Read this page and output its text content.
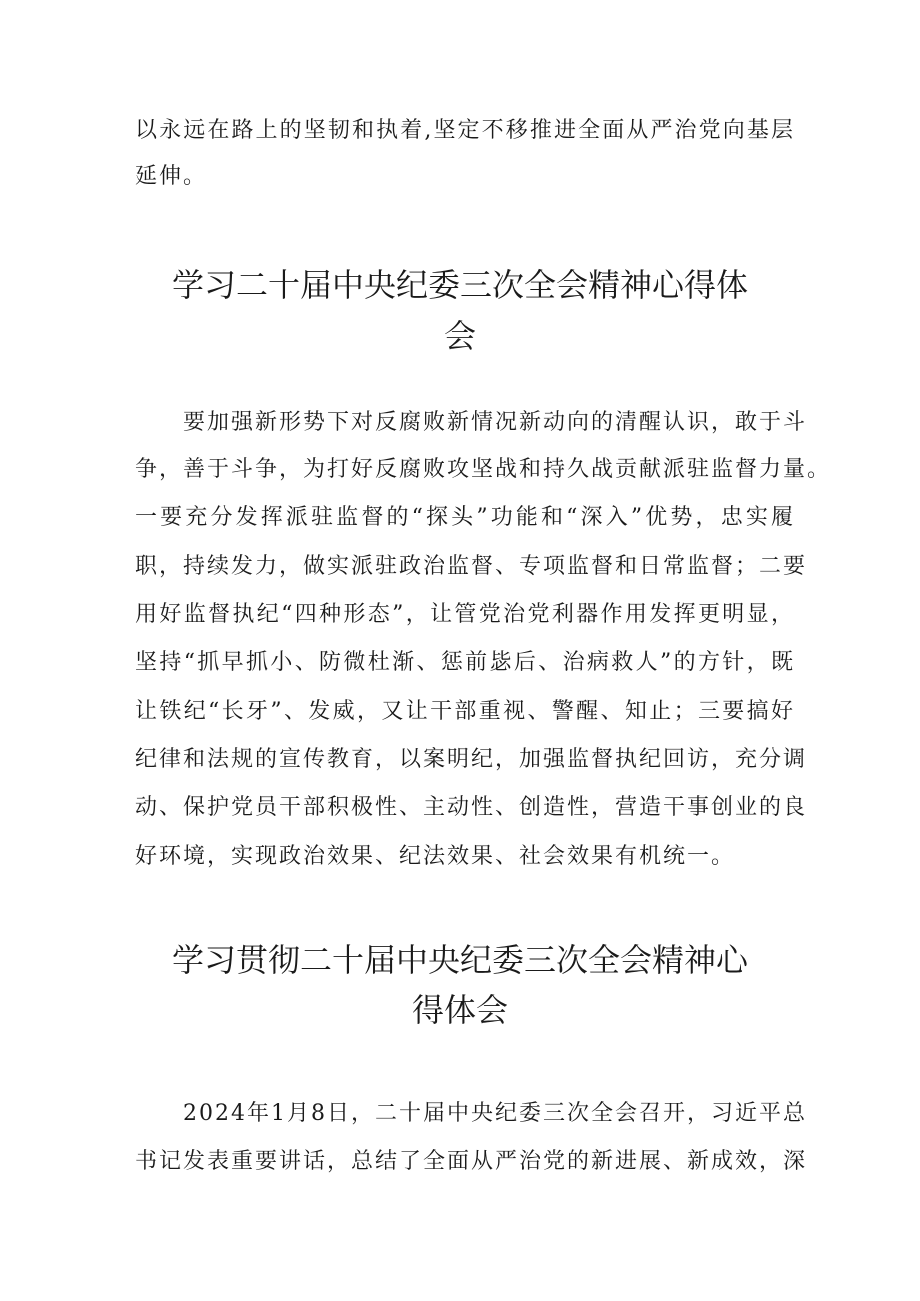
以永远在路上的坚韧和执着,坚定不移推进全面从严治党向基层
延伸。
学习二十届中央纪委三次全会精神心得体
会
要加强新形势下对反腐败新情况新动向的清醒认识，敢于斗
争，善于斗争，为打好反腐败攻坚战和持久战贡献派驻监督力量。
一要充分发挥派驻监督的“探头”功能和“深入”优势，忠实履
职，持续发力，做实派驻政治监督、专项监督和日常监督；二要
用好监督执纪“四种形态”，让管党治党利器作用发挥更明显，
坚持“抓早抓小、防微杜渐、惩前毖后、治病救人”的方针，既
让铁纪“长牙”、发威，又让干部重视、警醒、知止；三要搞好
纪律和法规的宣传教育，以案明纪，加强监督执纪回访，充分调
动、保护党员干部积极性、主动性、创造性，营造干事创业的良
好环境，实现政治效果、纪法效果、社会效果有机统一。
学习贯彻二十届中央纪委三次全会精神心
得体会
2024年1月8日，二十届中央纪委三次全会召开，习近平总
书记发表重要讲话，总结了全面从严治党的新进展、新成效，深
